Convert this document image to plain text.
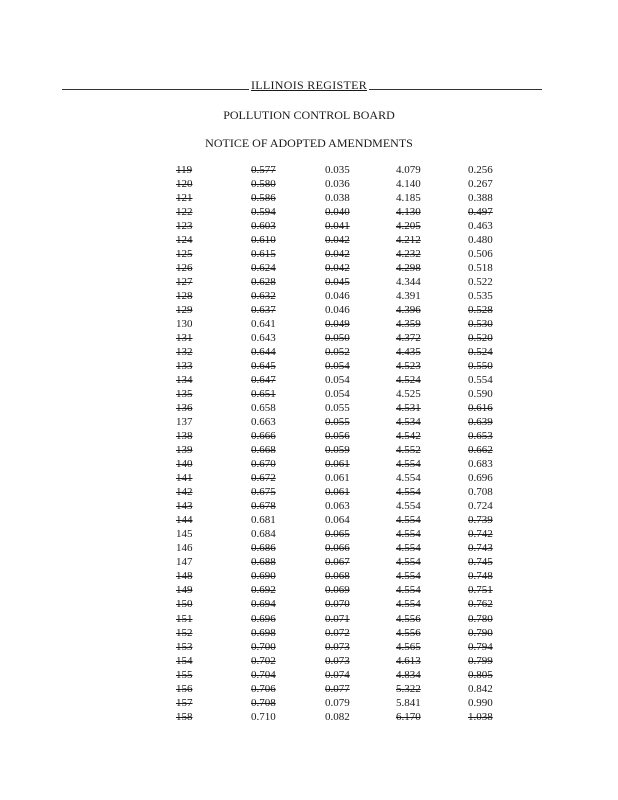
ILLINOIS REGISTER
POLLUTION CONTROL BOARD
NOTICE OF ADOPTED AMENDMENTS
119	0.577	0.035	4.079	0.256
120	0.580	0.036	4.140	0.267
121	0.586	0.038	4.185	0.388
122	0.594	0.040	4.130	0.497
123	0.603	0.041	4.205	0.463
124	0.610	0.042	4.212	0.480
125	0.615	0.042	4.232	0.506
126	0.624	0.042	4.298	0.518
127	0.628	0.045	4.344	0.522
128	0.632	0.046	4.391	0.535
129	0.637	0.046	4.396	0.528
130	0.641	0.049	4.359	0.530
131	0.643	0.050	4.372	0.520
132	0.644	0.052	4.435	0.524
133	0.645	0.054	4.523	0.550
134	0.647	0.054	4.524	0.554
135	0.651	0.054	4.525	0.590
136	0.658	0.055	4.531	0.616
137	0.663	0.055	4.534	0.639
138	0.666	0.056	4.542	0.653
139	0.668	0.059	4.552	0.662
140	0.670	0.061	4.554	0.683
141	0.672	0.061	4.554	0.696
142	0.675	0.061	4.554	0.708
143	0.678	0.063	4.554	0.724
144	0.681	0.064	4.554	0.739
145	0.684	0.065	4.554	0.742
146	0.686	0.066	4.554	0.743
147	0.688	0.067	4.554	0.745
148	0.690	0.068	4.554	0.748
149	0.692	0.069	4.554	0.751
150	0.694	0.070	4.554	0.762
151	0.696	0.071	4.556	0.780
152	0.698	0.072	4.556	0.790
153	0.700	0.073	4.565	0.794
154	0.702	0.073	4.613	0.799
155	0.704	0.074	4.834	0.805
156	0.706	0.077	5.322	0.842
157	0.708	0.079	5.841	0.990
158	0.710	0.082	6.170	1.038
